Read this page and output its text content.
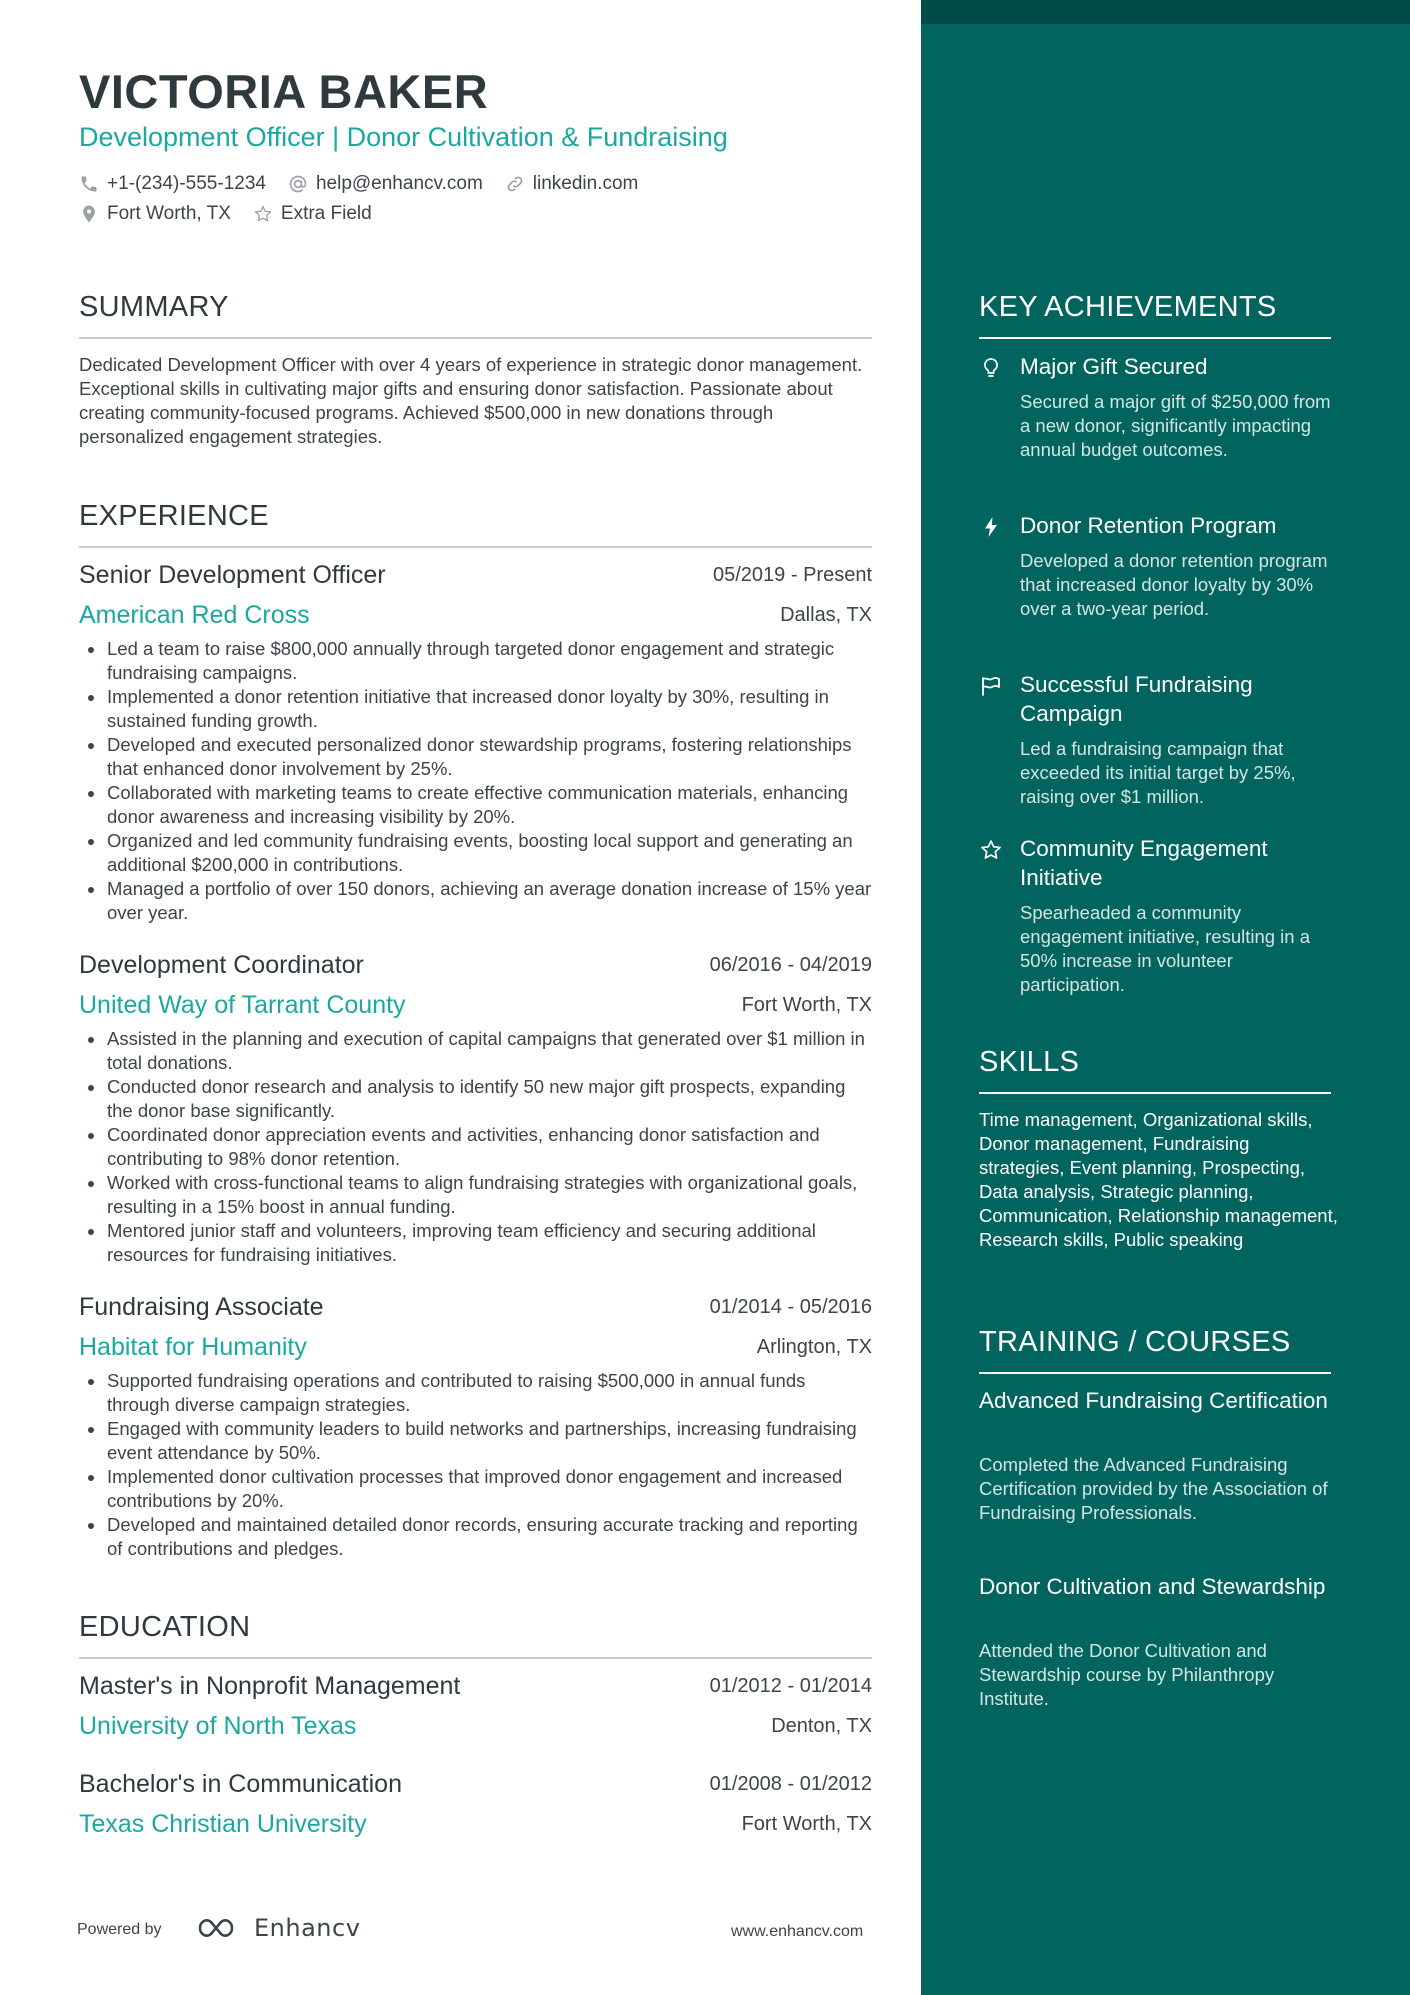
VICTORIA BAKER
Development Officer | Donor Cultivation & Fundraising
+1-(234)-555-1234	help@enhancv.com	linkedin.com
Fort Worth, TX	Extra Field
SUMMARY
Dedicated Development Officer with over 4 years of experience in strategic donor management. Exceptional skills in cultivating major gifts and ensuring donor satisfaction. Passionate about creating community-focused programs. Achieved $500,000 in new donations through personalized engagement strategies.
EXPERIENCE
Senior Development Officer	05/2019 - Present
American Red Cross	Dallas, TX
Led a team to raise $800,000 annually through targeted donor engagement and strategic fundraising campaigns.
Implemented a donor retention initiative that increased donor loyalty by 30%, resulting in sustained funding growth.
Developed and executed personalized donor stewardship programs, fostering relationships that enhanced donor involvement by 25%.
Collaborated with marketing teams to create effective communication materials, enhancing donor awareness and increasing visibility by 20%.
Organized and led community fundraising events, boosting local support and generating an additional $200,000 in contributions.
Managed a portfolio of over 150 donors, achieving an average donation increase of 15% year over year.
Development Coordinator	06/2016 - 04/2019
United Way of Tarrant County	Fort Worth, TX
Assisted in the planning and execution of capital campaigns that generated over $1 million in total donations.
Conducted donor research and analysis to identify 50 new major gift prospects, expanding the donor base significantly.
Coordinated donor appreciation events and activities, enhancing donor satisfaction and contributing to 98% donor retention.
Worked with cross-functional teams to align fundraising strategies with organizational goals, resulting in a 15% boost in annual funding.
Mentored junior staff and volunteers, improving team efficiency and securing additional resources for fundraising initiatives.
Fundraising Associate	01/2014 - 05/2016
Habitat for Humanity	Arlington, TX
Supported fundraising operations and contributed to raising $500,000 in annual funds through diverse campaign strategies.
Engaged with community leaders to build networks and partnerships, increasing fundraising event attendance by 50%.
Implemented donor cultivation processes that improved donor engagement and increased contributions by 20%.
Developed and maintained detailed donor records, ensuring accurate tracking and reporting of contributions and pledges.
EDUCATION
Master's in Nonprofit Management	01/2012 - 01/2014
University of North Texas	Denton, TX
Bachelor's in Communication	01/2008 - 01/2012
Texas Christian University	Fort Worth, TX
Powered by	Enhancv	www.enhancv.com
KEY ACHIEVEMENTS
Major Gift Secured
Secured a major gift of $250,000 from a new donor, significantly impacting annual budget outcomes.
Donor Retention Program
Developed a donor retention program that increased donor loyalty by 30% over a two-year period.
Successful Fundraising Campaign
Led a fundraising campaign that exceeded its initial target by 25%, raising over $1 million.
Community Engagement Initiative
Spearheaded a community engagement initiative, resulting in a 50% increase in volunteer participation.
SKILLS
Time management, Organizational skills, Donor management, Fundraising strategies, Event planning, Prospecting, Data analysis, Strategic planning, Communication, Relationship management, Research skills, Public speaking
TRAINING / COURSES
Advanced Fundraising Certification
Completed the Advanced Fundraising Certification provided by the Association of Fundraising Professionals.
Donor Cultivation and Stewardship
Attended the Donor Cultivation and Stewardship course by Philanthropy Institute.
